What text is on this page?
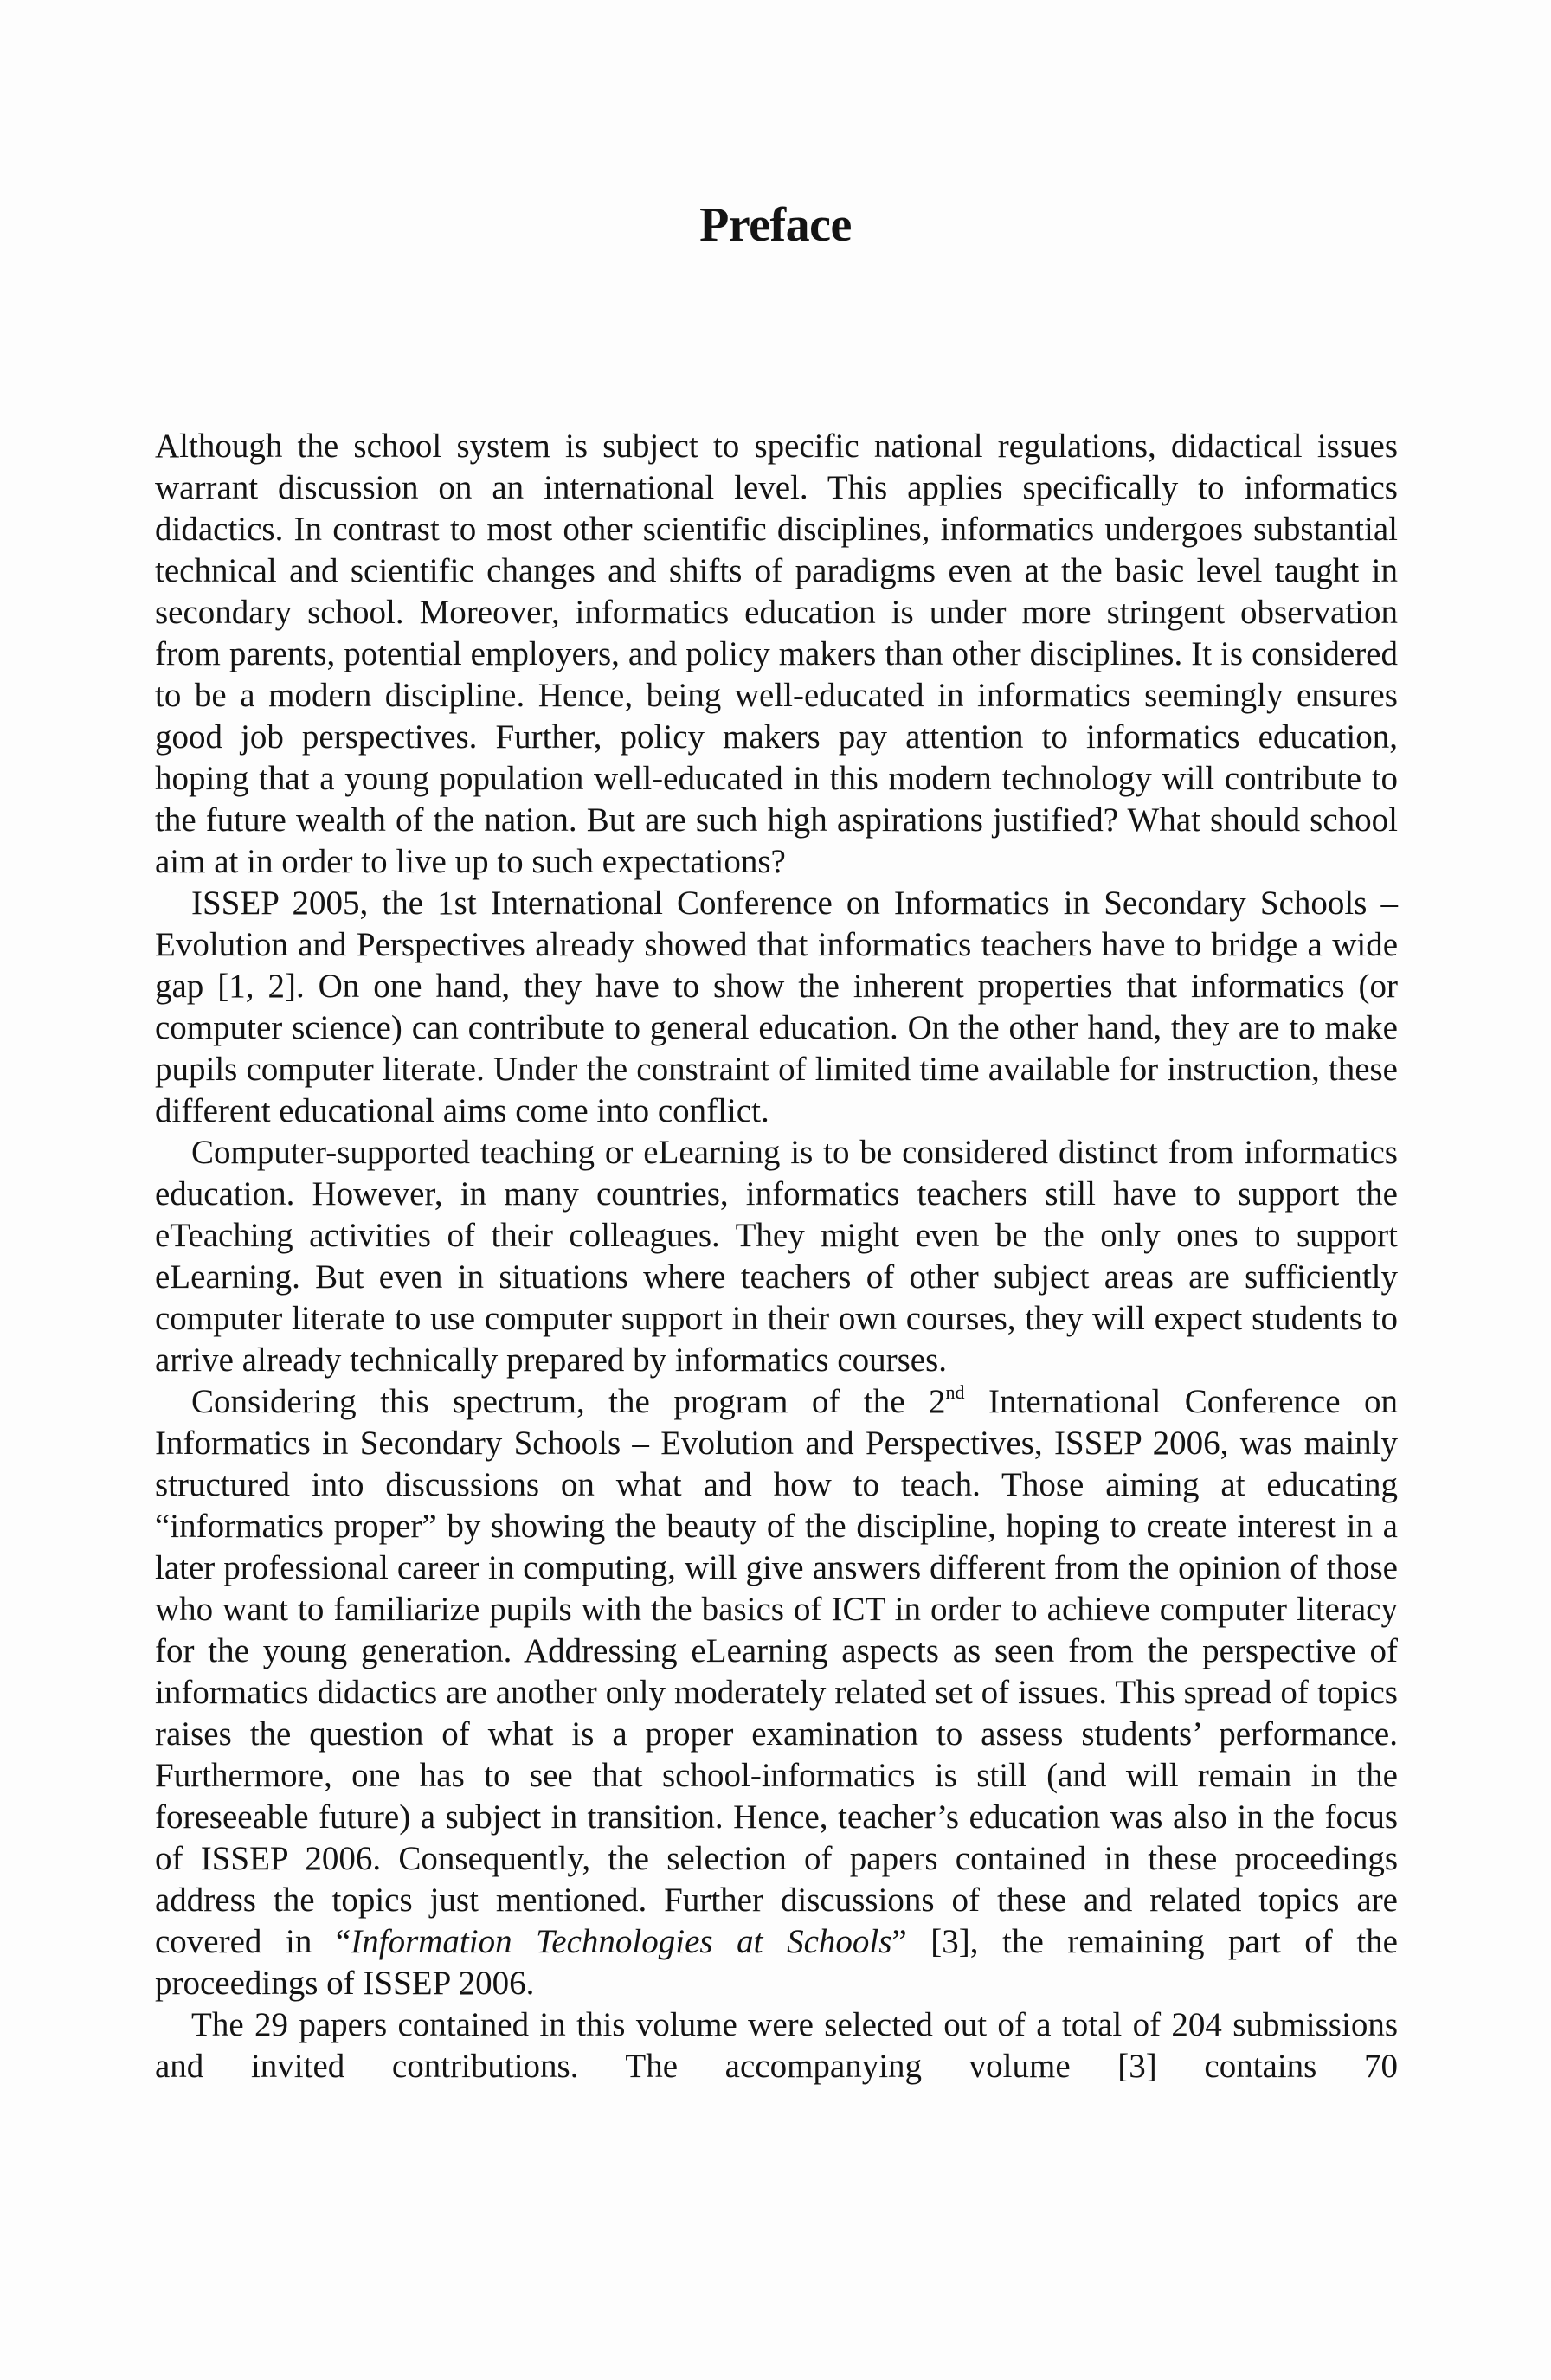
Preface

Although the school system is subject to specific national regulations, didactical issues warrant discussion on an international level. This applies specifically to informatics didactics. In contrast to most other scientific disciplines, informatics undergoes substantial technical and scientific changes and shifts of paradigms even at the basic level taught in secondary school. Moreover, informatics education is under more stringent observation from parents, potential employers, and policy makers than other disciplines. It is considered to be a modern discipline. Hence, being well-educated in informatics seemingly ensures good job perspectives. Further, policy makers pay attention to informatics education, hoping that a young population well-educated in this modern technology will contribute to the future wealth of the nation. But are such high aspirations justified? What should school aim at in order to live up to such expectations?

ISSEP 2005, the 1st International Conference on Informatics in Secondary Schools – Evolution and Perspectives already showed that informatics teachers have to bridge a wide gap [1, 2]. On one hand, they have to show the inherent properties that informatics (or computer science) can contribute to general education. On the other hand, they are to make pupils computer literate. Under the constraint of limited time available for instruction, these different educational aims come into conflict.

Computer-supported teaching or eLearning is to be considered distinct from informatics education. However, in many countries, informatics teachers still have to support the eTeaching activities of their colleagues. They might even be the only ones to support eLearning. But even in situations where teachers of other subject areas are sufficiently computer literate to use computer support in their own courses, they will expect students to arrive already technically prepared by informatics courses.

Considering this spectrum, the program of the 2nd International Conference on Informatics in Secondary Schools – Evolution and Perspectives, ISSEP 2006, was mainly structured into discussions on what and how to teach. Those aiming at educating “informatics proper” by showing the beauty of the discipline, hoping to create interest in a later professional career in computing, will give answers different from the opinion of those who want to familiarize pupils with the basics of ICT in order to achieve computer literacy for the young generation. Addressing eLearning aspects as seen from the perspective of informatics didactics are another only moderately related set of issues. This spread of topics raises the question of what is a proper examination to assess students’ performance. Furthermore, one has to see that school-informatics is still (and will remain in the foreseeable future) a subject in transition. Hence, teacher’s education was also in the focus of ISSEP 2006. Consequently, the selection of papers contained in these proceedings address the topics just mentioned. Further discussions of these and related topics are covered in “Information Technologies at Schools” [3], the remaining part of the proceedings of ISSEP 2006.

The 29 papers contained in this volume were selected out of a total of 204 submissions and invited contributions. The accompanying volume [3] contains 70
